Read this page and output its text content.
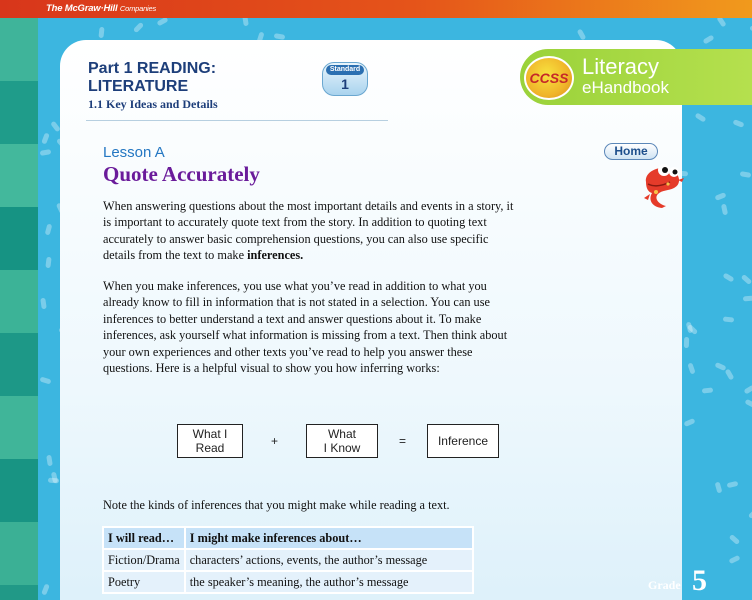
The McGraw·Hill Companies
CCSS Literacy
eHandbook
Part 1 READING:
LITERATURE
1.1 Key Ideas and Details
Standard
1
Home
Lesson A
Quote Accurately
When answering questions about the most important details and events in a story, it is important to accurately quote text from the story. In addition to quoting text accurately to answer basic comprehension questions, you can also use specific details from the text to make inferences.
When you make inferences, you use what you’ve read in addition to what you already know to fill in information that is not stated in a selection. You can use inferences to better understand a text and answer questions about it. To make inferences, ask yourself what information is missing from a text. Then think about your own experiences and other texts you’ve read to help you answer these questions. Here is a helpful visual to show you how inferring works:
What I
Read	+	What
I Know	=	Inference
Note the kinds of inferences that you might make while reading a text.
I will read…	I might make inferences about…
Fiction/Drama	characters’ actions, events, the author’s message
Poetry	the speaker’s meaning, the author’s message	Grade 5
